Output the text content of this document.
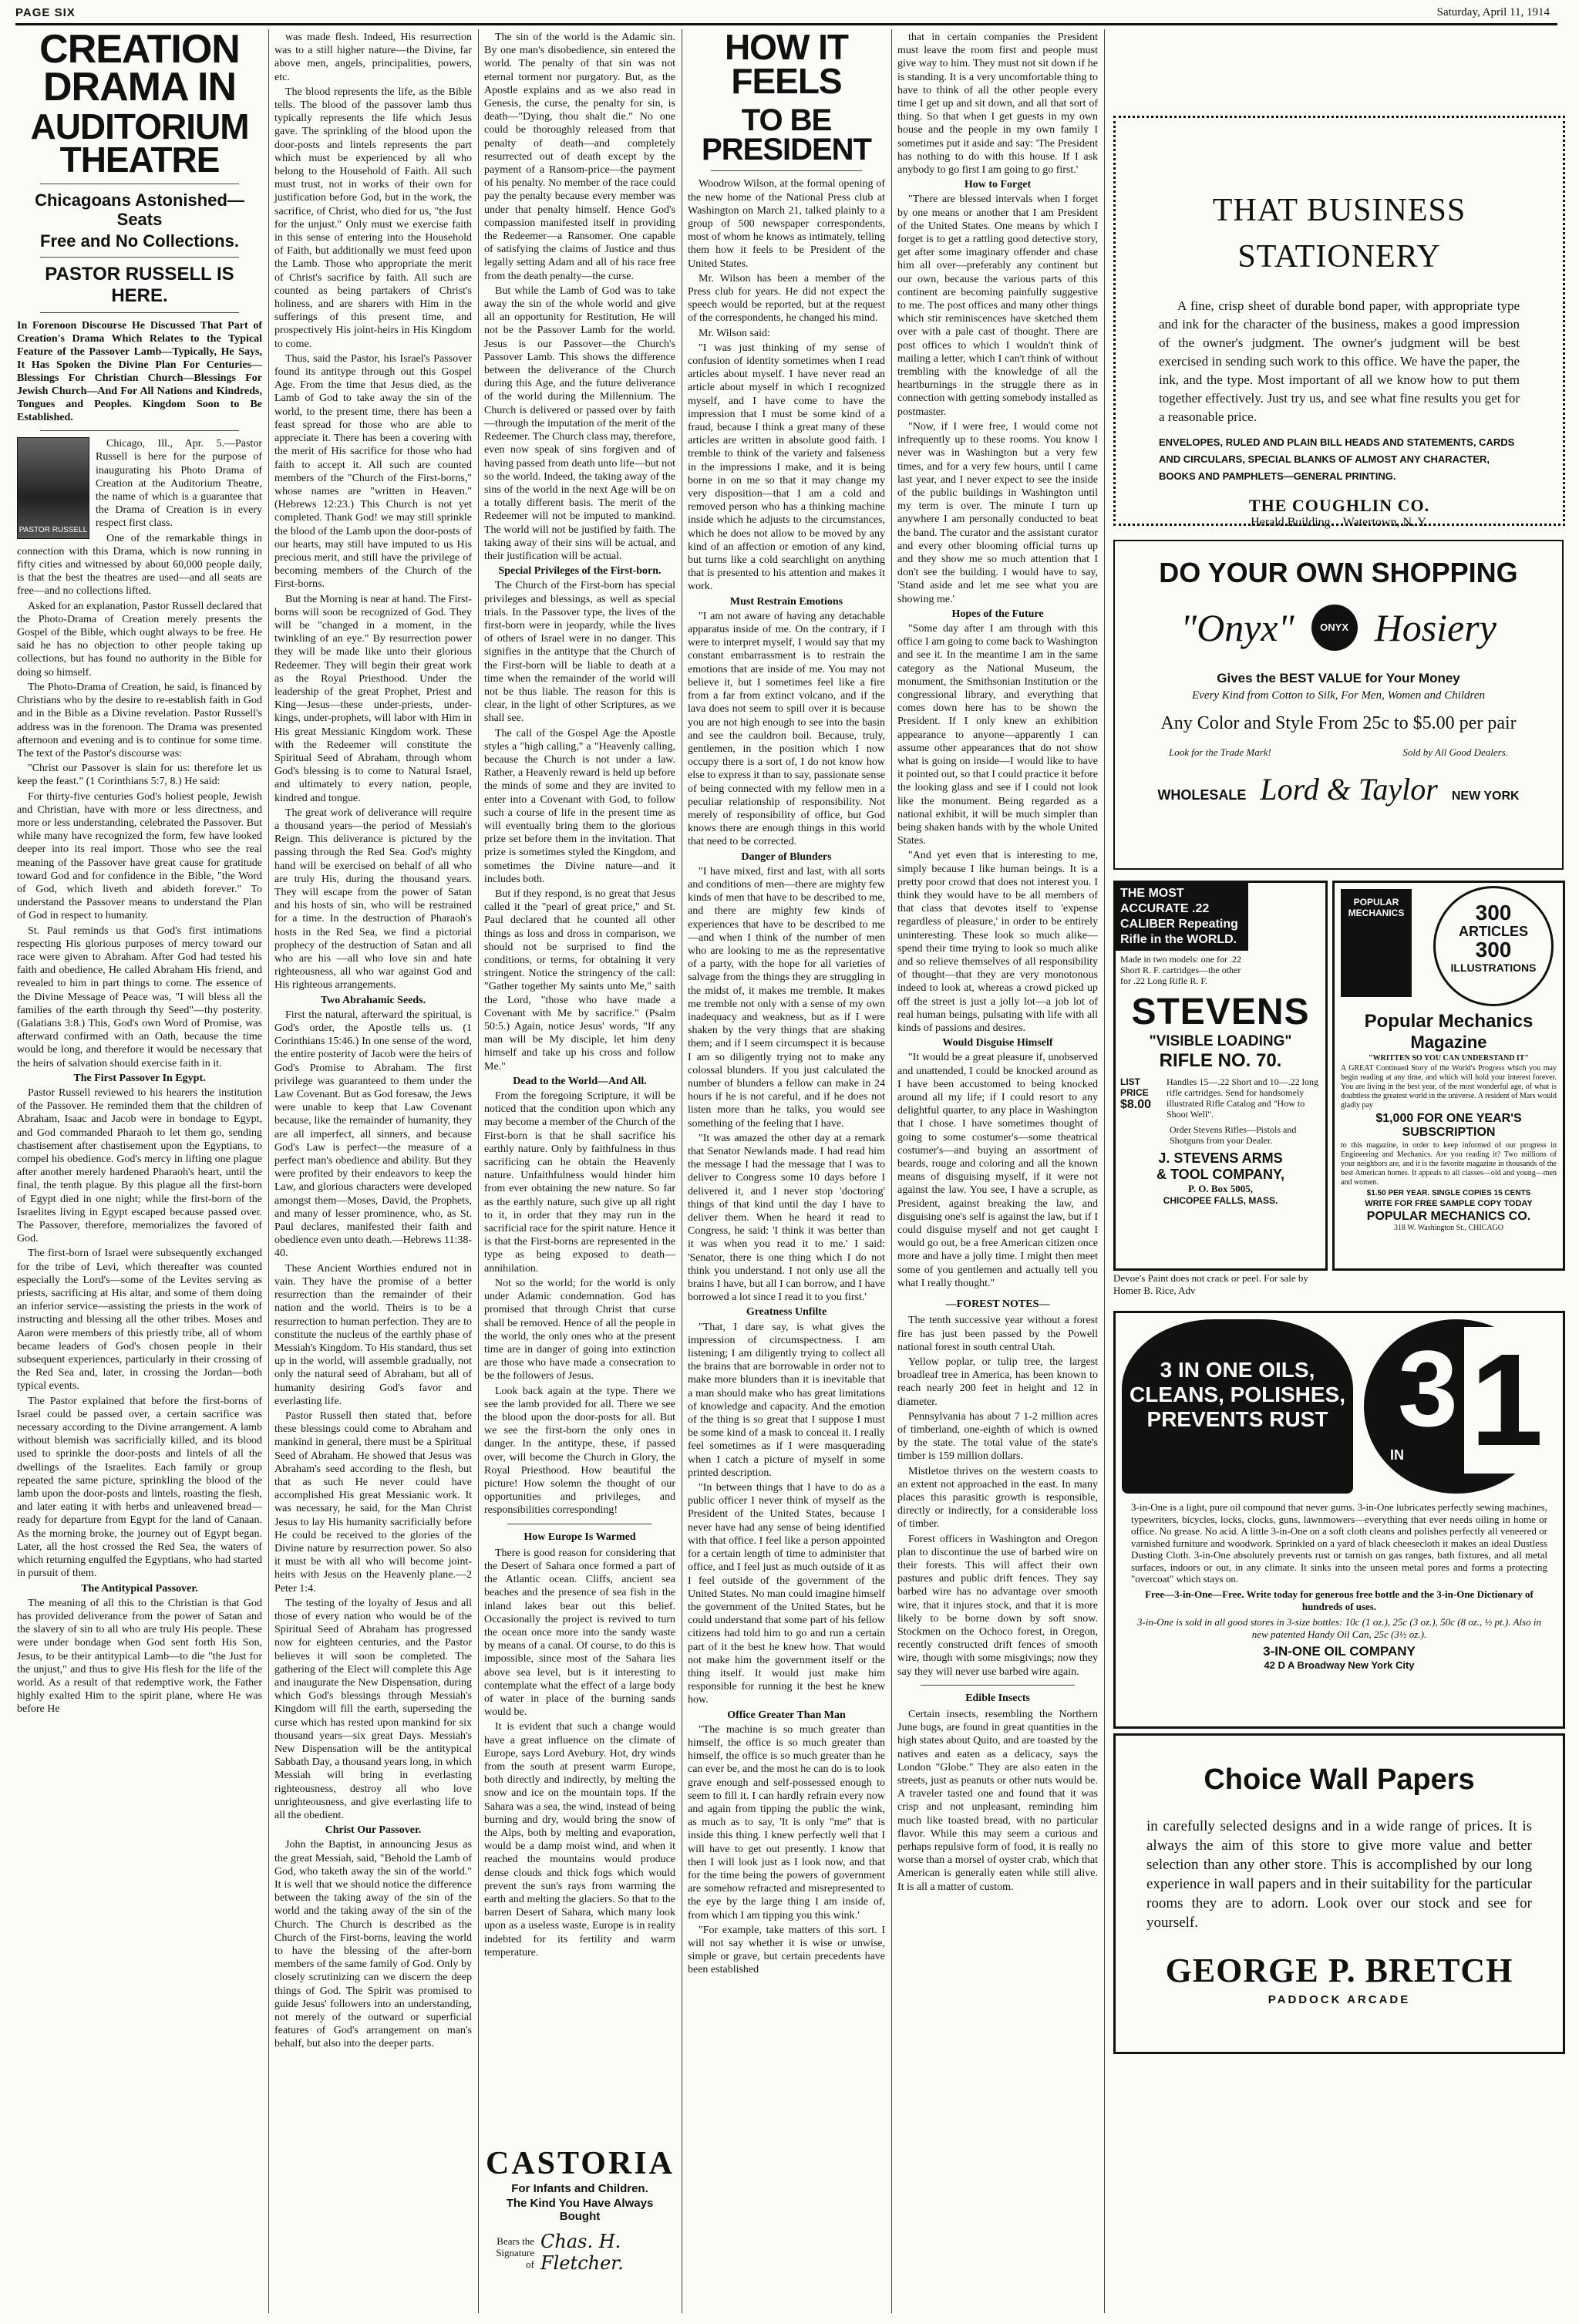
PAGE SIX	Saturday, April 11, 1914
CREATION DRAMA IN
AUDITORIUM THEATRE
Chicagoans Astonished—Seats
Free and No Collections.
PASTOR RUSSELL IS HERE.

In Forenoon Discourse He Discussed That Part of Creation's Drama Which Relates to the Typical Feature of the Passover Lamb—Typically, He Says, It Has Spoken the Divine Plan For Centuries—Blessings For Christian Church—Blessings For Jewish Church—And For All Nations and Kindreds, Tongues and Peoples. Kingdom Soon to Be Established.

PASTOR RUSSELL

Chicago, Ill., Apr. 5.—Pastor Russell is here for the purpose of inaugurating his Photo Drama of Creation at the Auditorium Theatre, the name of which is a guarantee that the Drama of Creation is in every respect first class.

One of the remarkable things in connection with this Drama, which is now running in fifty cities and witnessed by about 60,000 people daily, is that the best the theatres are used—and all seats are free—and no collections lifted.

Asked for an explanation, Pastor Russell declared that the Photo-Drama of Creation merely presents the Gospel of the Bible, which ought always to be free. He said he has no objection to other people taking up collections, but has found no authority in the Bible for doing so himself.

The Photo-Drama of Creation, he said, is financed by Christians who by the desire to re-establish faith in God and in the Bible as a Divine revelation. Pastor Russell's address was in the forenoon. The Drama was presented afternoon and evening and is to continue for some time. The text of the Pastor's discourse was:

"Christ our Passover is slain for us: therefore let us keep the feast." (1 Corinthians 5:7, 8.) He said:

For thirty-five centuries God's holiest people, Jewish and Christian, have with more or less directness, and more or less understanding, celebrated the Passover. But while many have recognized the form, few have looked deeper into its real import. Those who see the real meaning of the Passover have great cause for gratitude toward God and for confidence in the Bible, "the Word of God, which liveth and abideth forever." To understand the Passover means to understand the Plan of God in respect to humanity.

St. Paul reminds us that God's first intimations respecting His glorious purposes of mercy toward our race were given to Abraham. After God had tested his faith and obedience, He called Abraham His friend, and revealed to him in part things to come. The essence of the Divine Message of Peace was, "I will bless all the families of the earth through thy Seed"—thy posterity. (Galatians 3:8.) This, God's own Word of Promise, was afterward confirmed with an Oath, because the time would be long, and therefore it would be necessary that the heirs of salvation should exercise faith in it.

The First Passover In Egypt.

Pastor Russell reviewed to his hearers the institution of the Passover. He reminded them that the children of Abraham, Isaac and Jacob were in bondage to Egypt, and God commanded Pharaoh to let them go, sending chastisement after chastisement upon the Egyptians, to compel his obedience. God's mercy in lifting one plague after another merely hardened Pharaoh's heart, until the final, the tenth plague. By this plague all the first-born of Egypt died in one night; while the first-born of the Israelites living in Egypt escaped because passed over. The Passover, therefore, memorializes the favored of God.

The first-born of Israel were subsequently exchanged for the tribe of Levi, which thereafter was counted especially the Lord's—some of the Levites serving as priests, sacrificing at His altar, and some of them doing an inferior service—assisting the priests in the work of instructing and blessing all the other tribes. Moses and Aaron were members of this priestly tribe, all of whom became leaders of God's chosen people in their subsequent experiences, particularly in their crossing of the Red Sea and, later, in crossing the Jordan—both typical events.

The Pastor explained that before the first-borns of Israel could be passed over, a certain sacrifice was necessary according to the Divine arrangement. A lamb without blemish was sacrificially killed, and its blood used to sprinkle the door-posts and lintels of all the dwellings of the Israelites. Each family or group repeated the same picture, sprinkling the blood of the lamb upon the door-posts and lintels, roasting the flesh, and later eating it with herbs and unleavened bread—ready for departure from Egypt for the land of Canaan. As the morning broke, the journey out of Egypt began. Later, all the host crossed the Red Sea, the waters of which returning engulfed the Egyptians, who had started in pursuit of them.

The Antitypical Passover.

The meaning of all this to the Christian is that God has provided deliverance from the power of Satan and the slavery of sin to all who are truly His people. These were under bondage when God sent forth His Son, Jesus, to be their antitypical Lamb—to die "the Just for the unjust," and thus to give His flesh for the life of the world. As a result of that redemptive work, the Father highly exalted Him to the spirit plane, where He was before He

was made flesh. Indeed, His resurrection was to a still higher nature—the Divine, far above men, angels, principalities, powers, etc.

The blood represents the life, as the Bible tells. The blood of the passover lamb thus typically represents the life which Jesus gave. The sprinkling of the blood upon the door-posts and lintels represents the part which must be experienced by all who belong to the Household of Faith. All such must trust, not in works of their own for justification before God, but in the work, the sacrifice, of Christ, who died for us, "the Just for the unjust." Only must we exercise faith in this sense of entering into the Household of Faith, but additionally we must feed upon the Lamb. Those who appropriate the merit of Christ's sacrifice by faith. All such are counted as being partakers of Christ's holiness, and are sharers with Him in the sufferings of this present time, and prospectively His joint-heirs in His Kingdom to come.

Thus, said the Pastor, his Israel's Passover found its antitype through out this Gospel Age. From the time that Jesus died, as the Lamb of God to take away the sin of the world, to the present time, there has been a feast spread for those who are able to appreciate it. There has been a covering with the merit of His sacrifice for those who had faith to accept it. All such are counted members of the "Church of the First-borns," whose names are "written in Heaven." (Hebrews 12:23.) This Church is not yet completed. Thank God! we may still sprinkle the blood of the Lamb upon the door-posts of our hearts, may still have imputed to us His precious merit, and still have the privilege of becoming members of the Church of the First-borns.

But the Morning is near at hand. The First-borns will soon be recognized of God. They will be "changed in a moment, in the twinkling of an eye." By resurrection power they will be made like unto their glorious Redeemer. They will begin their great work as the Royal Priesthood. Under the leadership of the great Prophet, Priest and King—Jesus—these under-priests, under-kings, under-prophets, will labor with Him in His great Messianic Kingdom work. These with the Redeemer will constitute the Spiritual Seed of Abraham, through whom God's blessing is to come to Natural Israel, and ultimately to every nation, people, kindred and tongue.

The great work of deliverance will require a thousand years—the period of Messiah's Reign. This deliverance is pictured by the passing through the Red Sea. God's mighty hand will be exercised on behalf of all who are truly His, during the thousand years. They will escape from the power of Satan and his hosts of sin, who will be restrained for a time. In the destruction of Pharaoh's hosts in the Red Sea, we find a pictorial prophecy of the destruction of Satan and all who are his —all who love sin and hate righteousness, all who war against God and His righteous arrangements.

Two Abrahamic Seeds.

First the natural, afterward the spiritual, is God's order, the Apostle tells us. (1 Corinthians 15:46.) In one sense of the word, the entire posterity of Jacob were the heirs of God's Promise to Abraham. The first privilege was guaranteed to them under the Law Covenant. But as God foresaw, the Jews were unable to keep that Law Covenant because, like the remainder of humanity, they are all imperfect, all sinners, and because God's Law is perfect—the measure of a perfect man's obedience and ability. But they were profited by their endeavors to keep the Law, and glorious characters were developed amongst them—Moses, David, the Prophets, and many of lesser prominence, who, as St. Paul declares, manifested their faith and obedience even unto death.—Hebrews 11:38-40.

These Ancient Worthies endured not in vain. They have the promise of a better resurrection than the remainder of their nation and the world. Theirs is to be a resurrection to human perfection. They are to constitute the nucleus of the earthly phase of Messiah's Kingdom. To His standard, thus set up in the world, will assemble gradually, not only the natural seed of Abraham, but all of humanity desiring God's favor and everlasting life.

Pastor Russell then stated that, before these blessings could come to Abraham and mankind in general, there must be a Spiritual Seed of Abraham. He showed that Jesus was Abraham's seed according to the flesh, but that as such He never could have accomplished His great Messianic work. It was necessary, he said, for the Man Christ Jesus to lay His humanity sacrificially before He could be received to the glories of the Divine nature by resurrection power. So also it must be with all who will become joint-heirs with Jesus on the Heavenly plane.—2 Peter 1:4.

The testing of the loyalty of Jesus and all those of every nation who would be of the Spiritual Seed of Abraham has progressed now for eighteen centuries, and the Pastor believes it will soon be completed. The gathering of the Elect will complete this Age and inaugurate the New Dispensation, during which God's blessings through Messiah's Kingdom will fill the earth, superseding the curse which has rested upon mankind for six thousand years—six great Days. Messiah's New Dispensation will be the antitypical Sabbath Day, a thousand years long, in which Messiah will bring in everlasting righteousness, destroy all who love unrighteousness, and give everlasting life to all the obedient.

Christ Our Passover.

John the Baptist, in announcing Jesus as the great Messiah, said, "Behold the Lamb of God, who taketh away the sin of the world." It is well that we should notice the difference between the taking away of the sin of the world and the taking away of the sin of the Church. The Church is described as the Church of the First-borns, leaving the world to have the blessing of the after-born members of the same family of God. Only by closely scrutinizing can we discern the deep things of God. The Spirit was promised to guide Jesus' followers into an understanding, not merely of the outward or superficial features of God's arrangement on man's behalf, but also into the deeper parts.

The sin of the world is the Adamic sin. By one man's disobedience, sin entered the world. The penalty of that sin was not eternal torment nor purgatory. But, as the Apostle explains and as we also read in Genesis, the curse, the penalty for sin, is death—"Dying, thou shalt die." No one could be thoroughly released from that penalty of death—and completely resurrected out of death except by the payment of a Ransom-price—the payment of his penalty. No member of the race could pay the penalty because every member was under that penalty himself. Hence God's compassion manifested itself in providing the Redeemer—a Ransomer. One capable of satisfying the claims of Justice and thus legally setting Adam and all of his race free from the death penalty—the curse.

But while the Lamb of God was to take away the sin of the whole world and give all an opportunity for Restitution, He will not be the Passover Lamb for the world. Jesus is our Passover—the Church's Passover Lamb. This shows the difference between the deliverance of the Church during this Age, and the future deliverance of the world during the Millennium. The Church is delivered or passed over by faith—through the imputation of the merit of the Redeemer. The Church class may, therefore, even now speak of sins forgiven and of having passed from death unto life—but not so the world. Indeed, the taking away of the sins of the world in the next Age will be on a totally different basis. The merit of the Redeemer will not be imputed to mankind. The world will not be justified by faith. The taking away of their sins will be actual, and their justification will be actual.

Special Privileges of the First-born.

The Church of the First-born has special privileges and blessings, as well as special trials. In the Passover type, the lives of the first-born were in jeopardy, while the lives of others of Israel were in no danger. This signifies in the antitype that the Church of the First-born will be liable to death at a time when the remainder of the world will not be thus liable. The reason for this is clear, in the light of other Scriptures, as we shall see.

The call of the Gospel Age the Apostle styles a "high calling," a "Heavenly calling, because the Church is not under a law. Rather, a Heavenly reward is held up before the minds of some and they are invited to enter into a Covenant with God, to follow such a course of life in the present time as will eventually bring them to the glorious prize set before them in the invitation. That prize is sometimes styled the Kingdom, and sometimes the Divine nature—and it includes both.

But if they respond, is no great that Jesus called it the "pearl of great price," and St. Paul declared that he counted all other things as loss and dross in comparison, we should not be surprised to find the conditions, or terms, for obtaining it very stringent. Notice the stringency of the call: "Gather together My saints unto Me," saith the Lord, "those who have made a Covenant with Me by sacrifice." (Psalm 50:5.) Again, notice Jesus' words, "If any man will be My disciple, let him deny himself and take up his cross and follow Me."

Dead to the World—And All.

From the foregoing Scripture, it will be noticed that the condition upon which any may become a member of the Church of the First-born is that he shall sacrifice his earthly nature. Only by faithfulness in thus sacrificing can he obtain the Heavenly nature. Unfaithfulness would hinder him from ever obtaining the new nature. So far as the earthly nature, such give up all right to it, in order that they may run in the sacrificial race for the spirit nature. Hence it is that the First-borns are represented in the type as being exposed to death—annihilation.

Not so the world; for the world is only under Adamic condemnation. God has promised that through Christ that curse shall be removed. Hence of all the people in the world, the only ones who at the present time are in danger of going into extinction are those who have made a consecration to be the followers of Jesus.

Look back again at the type. There we see the lamb provided for all. There we see the blood upon the door-posts for all. But we see the first-born the only ones in danger. In the antitype, these, if passed over, will become the Church in Glory, the Royal Priesthood. How beautiful the picture! How solemn the thought of our opportunities and privileges, and responsibilities corresponding!

How Europe Is Warmed

There is good reason for considering that the Desert of Sahara once formed a part of the Atlantic ocean. Cliffs, ancient sea beaches and the presence of sea fish in the inland lakes bear out this belief. Occasionally the project is revived to turn the ocean once more into the sandy waste by means of a canal. Of course, to do this is impossible, since most of the Sahara lies above sea level, but is it interesting to contemplate what the effect of a large body of water in place of the burning sands would be.

It is evident that such a change would have a great influence on the climate of Europe, says Lord Avebury. Hot, dry winds from the south at present warm Europe, both directly and indirectly, by melting the snow and ice on the mountain tops. If the Sahara was a sea, the wind, instead of being burning and dry, would bring the snow of the Alps, both by melting and evaporation, would be a damp moist wind, and when it reached the mountains would produce dense clouds and thick fogs which would prevent the sun's rays from warming the earth and melting the glaciers. So that to the barren Desert of Sahara, which many look upon as a useless waste, Europe is in reality indebted for its fertility and warm temperature.

CASTORIA
For Infants and Children.
The Kind You Have Always Bought
Bears the
Signature of
Chas. H. Fletcher.
HOW IT FEELS
TO BE PRESIDENT

Woodrow Wilson, at the formal opening of the new home of the National Press club at Washington on March 21, talked plainly to a group of 500 newspaper correspondents, most of whom he knows as intimately, telling them how it feels to be President of the United States.

Mr. Wilson has been a member of the Press club for years. He did not expect the speech would be reported, but at the request of the correspondents, he changed his mind.

Mr. Wilson said:

"I was just thinking of my sense of confusion of identity sometimes when I read articles about myself. I have never read an article about myself in which I recognized myself, and I have come to have the impression that I must be some kind of a fraud, because I think a great many of these articles are written in absolute good faith. I tremble to think of the variety and falseness in the impressions I make, and it is being borne in on me so that it may change my very disposition—that I am a cold and removed person who has a thinking machine inside which he adjusts to the circumstances, which he does not allow to be moved by any kind of an affection or emotion of any kind, but turns like a cold searchlight on anything that is presented to his attention and makes it work.

Must Restrain Emotions

"I am not aware of having any detachable apparatus inside of me. On the contrary, if I were to interpret myself, I would say that my constant embarrassment is to restrain the emotions that are inside of me. You may not believe it, but I sometimes feel like a fire from a far from extinct volcano, and if the lava does not seem to spill over it is because you are not high enough to see into the basin and see the cauldron boil. Because, truly, gentlemen, in the position which I now occupy there is a sort of, I do not know how else to express it than to say, passionate sense of being connected with my fellow men in a peculiar relationship of responsibility. Not merely of responsibility of office, but God knows there are enough things in this world that need to be corrected.

Danger of Blunders

"I have mixed, first and last, with all sorts and conditions of men—there are mighty few kinds of men that have to be described to me, and there are mighty few kinds of experiences that have to be described to me—and when I think of the number of men who are looking to me as the representative of a party, with the hope for all varieties of salvage from the things they are struggling in the midst of, it makes me tremble. It makes me tremble not only with a sense of my own inadequacy and weakness, but as if I were shaken by the very things that are shaking them; and if I seem circumspect it is because I am so diligently trying not to make any colossal blunders. If you just calculated the number of blunders a fellow can make in 24 hours if he is not careful, and if he does not listen more than he talks, you would see something of the feeling that I have.

"It was amazed the other day at a remark that Senator Newlands made. I had read him the message I had the message that I was to deliver to Congress some 10 days before I delivered it, and I never stop 'doctoring' things of that kind until the day I have to deliver them. When he heard it read to Congress, he said: 'I think it was better than it was when you read it to me.' I said: 'Senator, there is one thing which I do not think you understand. I not only use all the brains I have, but all I can borrow, and I have borrowed a lot since I read it to you first.'

Greatness Unfilte

"That, I dare say, is what gives the impression of circumspectness. I am listening; I am diligently trying to collect all the brains that are borrowable in order not to make more blunders than it is inevitable that a man should make who has great limitations of knowledge and capacity. And the emotion of the thing is so great that I suppose I must be some kind of a mask to conceal it. I really feel sometimes as if I were masquerading when I catch a picture of myself in some printed description.

"In between things that I have to do as a public officer I never think of myself as the President of the United States, because I never have had any sense of being identified with that office. I feel like a person appointed for a certain length of time to administer that office, and I feel just as much outside of it as I feel outside of the government of the United States. No man could imagine himself the government of the United States, but he could understand that some part of his fellow citizens had told him to go and run a certain part of it the best he knew how. That would not make him the government itself or the thing itself. It would just make him responsible for running it the best he knew how.

Office Greater Than Man

"The machine is so much greater than himself, the office is so much greater than himself, the office is so much greater than he can ever be, and the most he can do is to look grave enough and self-possessed enough to seem to fill it. I can hardly refrain every now and again from tipping the public the wink, as much as to say, 'It is only "me" that is inside this thing. I knew perfectly well that I will have to get out presently. I know that then I will look just as I look now, and that for the time being the powers of government are somehow refracted and misrepresented to the eye by the large thing I am inside of, from which I am tipping you this wink.'

"For example, take matters of this sort. I will not say whether it is wise or unwise, simple or grave, but certain precedents have been established

that in certain companies the President must leave the room first and people must give way to him. They must not sit down if he is standing. It is a very uncomfortable thing to have to think of all the other people every time I get up and sit down, and all that sort of thing. So that when I get guests in my own house and the people in my own family I sometimes put it aside and say: 'The President has nothing to do with this house. If I ask anybody to go first I am going to go first.'

How to Forget

"There are blessed intervals when I forget by one means or another that I am President of the United States. One means by which I forget is to get a rattling good detective story, get after some imaginary offender and chase him all over—preferably any continent but our own, because the various parts of this continent are becoming painfully suggestive to me. The post offices and many other things which stir reminiscences have sketched them over with a pale cast of thought. There are post offices to which I wouldn't think of mailing a letter, which I can't think of without trembling with the knowledge of all the heartburnings in the struggle there as in connection with getting somebody installed as postmaster.

"Now, if I were free, I would come not infrequently up to these rooms. You know I never was in Washington but a very few times, and for a very few hours, until I came last year, and I never expect to see the inside of the public buildings in Washington until my term is over. The minute I turn up anywhere I am personally conducted to beat the band. The curator and the assistant curator and every other blooming official turns up and they show me so much attention that I don't see the building. I would have to say, 'Stand aside and let me see what you are showing me.'

Hopes of the Future

"Some day after I am through with this office I am going to come back to Washington and see it. In the meantime I am in the same category as the National Museum, the monument, the Smithsonian Institution or the congressional library, and everything that comes down here has to be shown the President. If I only knew an exhibition appearance to anyone—apparently I can assume other appearances that do not show what is going on inside—I would like to have it pointed out, so that I could practice it before the looking glass and see if I could not look like the monument. Being regarded as a national exhibit, it will be much simpler than being shaken hands with by the whole United States.

"And yet even that is interesting to me, simply because I like human beings. It is a pretty poor crowd that does not interest you. I think they would have to be all members of that class that devotes itself to 'expense regardless of pleasure,' in order to be entirely uninteresting. These look so much alike—spend their time trying to look so much alike and so relieve themselves of all responsibility of thought—that they are very monotonous indeed to look at, whereas a crowd picked up off the street is just a jolly lot—a job lot of real human beings, pulsating with life with all kinds of passions and desires.

Would Disguise Himself

"It would be a great pleasure if, unobserved and unattended, I could be knocked around as I have been accustomed to being knocked around all my life; if I could resort to any delightful quarter, to any place in Washington that I chose. I have sometimes thought of going to some costumer's—some theatrical costumer's—and buying an assortment of beards, rouge and coloring and all the known means of disguising myself, if it were not against the law. You see, I have a scruple, as President, against breaking the law, and disguising one's self is against the law, but if I could disguise myself and not get caught I would go out, be a free American citizen once more and have a jolly time. I might then meet some of you gentlemen and actually tell you what I really thought."

—FOREST NOTES—

The tenth successive year without a forest fire has just been passed by the Powell national forest in south central Utah.

Yellow poplar, or tulip tree, the largest broadleaf tree in America, has been known to reach nearly 200 feet in height and 12 in diameter.

Pennsylvania has about 7 1-2 million acres of timberland, one-eighth of which is owned by the state. The total value of the state's timber is 159 million dollars.

Mistletoe thrives on the western coasts to an extent not approached in the east. In many places this parasitic growth is responsible, directly or indirectly, for a considerable loss of timber.

Forest officers in Washington and Oregon plan to discontinue the use of barbed wire on their forests. This will affect their own pastures and public drift fences. They say barbed wire has no advantage over smooth wire, that it injures stock, and that it is more likely to be borne down by soft snow. Stockmen on the Ochoco forest, in Oregon, recently constructed drift fences of smooth wire, though with some misgivings; now they say they will never use barbed wire again.

Edible Insects

Certain insects, resembling the Northern June bugs, are found in great quantities in the high states about Quito, and are toasted by the natives and eaten as a delicacy, says the London "Globe." They are also eaten in the streets, just as peanuts or other nuts would be. A traveler tasted one and found that it was crisp and not unpleasant, reminding him much like toasted bread, with no particular flavor. While this may seem a curious and perhaps repulsive form of food, it is really no worse than a morsel of oyster crab, which that American is generally eaten while still alive. It is all a matter of custom.

THAT BUSINESS
STATIONERY
A fine, crisp sheet of durable bond paper, with appropriate type and ink for the character of the business, makes a good impression of the owner's judgment. The owner's judgment will be best exercised in sending such work to this office. We have the paper, the ink, and the type. Most important of all we know how to put them together effectively. Just try us, and see what fine results you get for a reasonable price.
ENVELOPES, RULED AND PLAIN BILL HEADS AND STATEMENTS, CARDS AND CIRCULARS, SPECIAL BLANKS OF ALMOST ANY CHARACTER, BOOKS AND PAMPHLETS—GENERAL PRINTING.
THE COUGHLIN CO.
Herald Building Watertown, N. Y.
DO YOUR OWN SHOPPING
"Onyx"	ONYX Hosiery
Gives the BEST VALUE for Your Money
Every Kind from Cotton to Silk, For Men, Women and Children
Any Color and Style From 25c to $5.00 per pair
Look for the Trade Mark!	Sold by All Good Dealers.
WHOLESALE Lord & Taylor NEW YORK
THE MOST
ACCURATE .22
CALIBER Repeating
Rifle in the WORLD.
Made in two models: one for .22 Short R. F. cartridges—the other for .22 Long Rifle R. F.
STEVENS
"VISIBLE LOADING"
RIFLE NO. 70.
LIST PRICE
$8.00
Handles 15—.22 Short and 10—.22 long rifle cartridges. Send for handsomely illustrated Rifle Catalog and "How to Shoot Well".
Order Stevens Rifles—Pistols and Shotguns from your Dealer.
J. STEVENS ARMS
& TOOL COMPANY,
P. O. Box 5005,
CHICOPEE FALLS, MASS.
POPULAR MECHANICS	300
ARTICLES
300
ILLUSTRATIONS
Popular Mechanics
Magazine
"WRITTEN SO YOU CAN UNDERSTAND IT"
A GREAT Continued Story of the World's Progress which you may begin reading at any time, and which will hold your interest forever. You are living in the best year, of the most wonderful age, of what is doubtless the greatest world in the universe. A resident of Mars would gladly pay
$1,000 FOR ONE YEAR'S SUBSCRIPTION
to this magazine, in order to keep informed of our progress in Engineering and Mechanics. Are you reading it? Two millions of your neighbors are, and it is the favorite magazine in thousands of the best American homes. It appeals to all classes—old and young—men and women.
$1.50 PER YEAR. SINGLE COPIES 15 CENTS
WRITE FOR FREE SAMPLE COPY TODAY
POPULAR MECHANICS CO.
318 W. Washington St., CHICAGO
Devoe's Paint does not crack or peel. For sale by Homer B. Rice, Adv
3 IN ONE OILS,
CLEANS, POLISHES,
PREVENTS RUST 3
IN 1
3-in-One is a light, pure oil compound that never gums. 3-in-One lubricates perfectly sewing machines, typewriters, bicycles, locks, clocks, guns, lawnmowers—everything that ever needs oiling in home or office. No grease. No acid. A little 3-in-One on a soft cloth cleans and polishes perfectly all veneered or varnished furniture and woodwork. Sprinkled on a yard of black cheesecloth it makes an ideal Dustless Dusting Cloth. 3-in-One absolutely prevents rust or tarnish on gas ranges, bath fixtures, and all metal surfaces, indoors or out, in any climate. It sinks into the unseen metal pores and forms a protecting "overcoat" which stays on.
Free—3-in-One—Free. Write today for generous free bottle and the 3-in-One Dictionary of hundreds of uses.
3-in-One is sold in all good stores in 3-size bottles: 10c (1 oz.), 25c (3 oz.), 50c (8 oz., ½ pt.). Also in new patented Handy Oil Can, 25c (3½ oz.).
3-IN-ONE OIL COMPANY
42 D A Broadway New York City
Choice Wall Papers
in carefully selected designs and in a wide range of prices. It is always the aim of this store to give more value and better selection than any other store. This is accomplished by our long experience in wall papers and in their suitability for the particular rooms they are to adorn. Look over our stock and see for yourself.
GEORGE P. BRETCH
PADDOCK ARCADE
